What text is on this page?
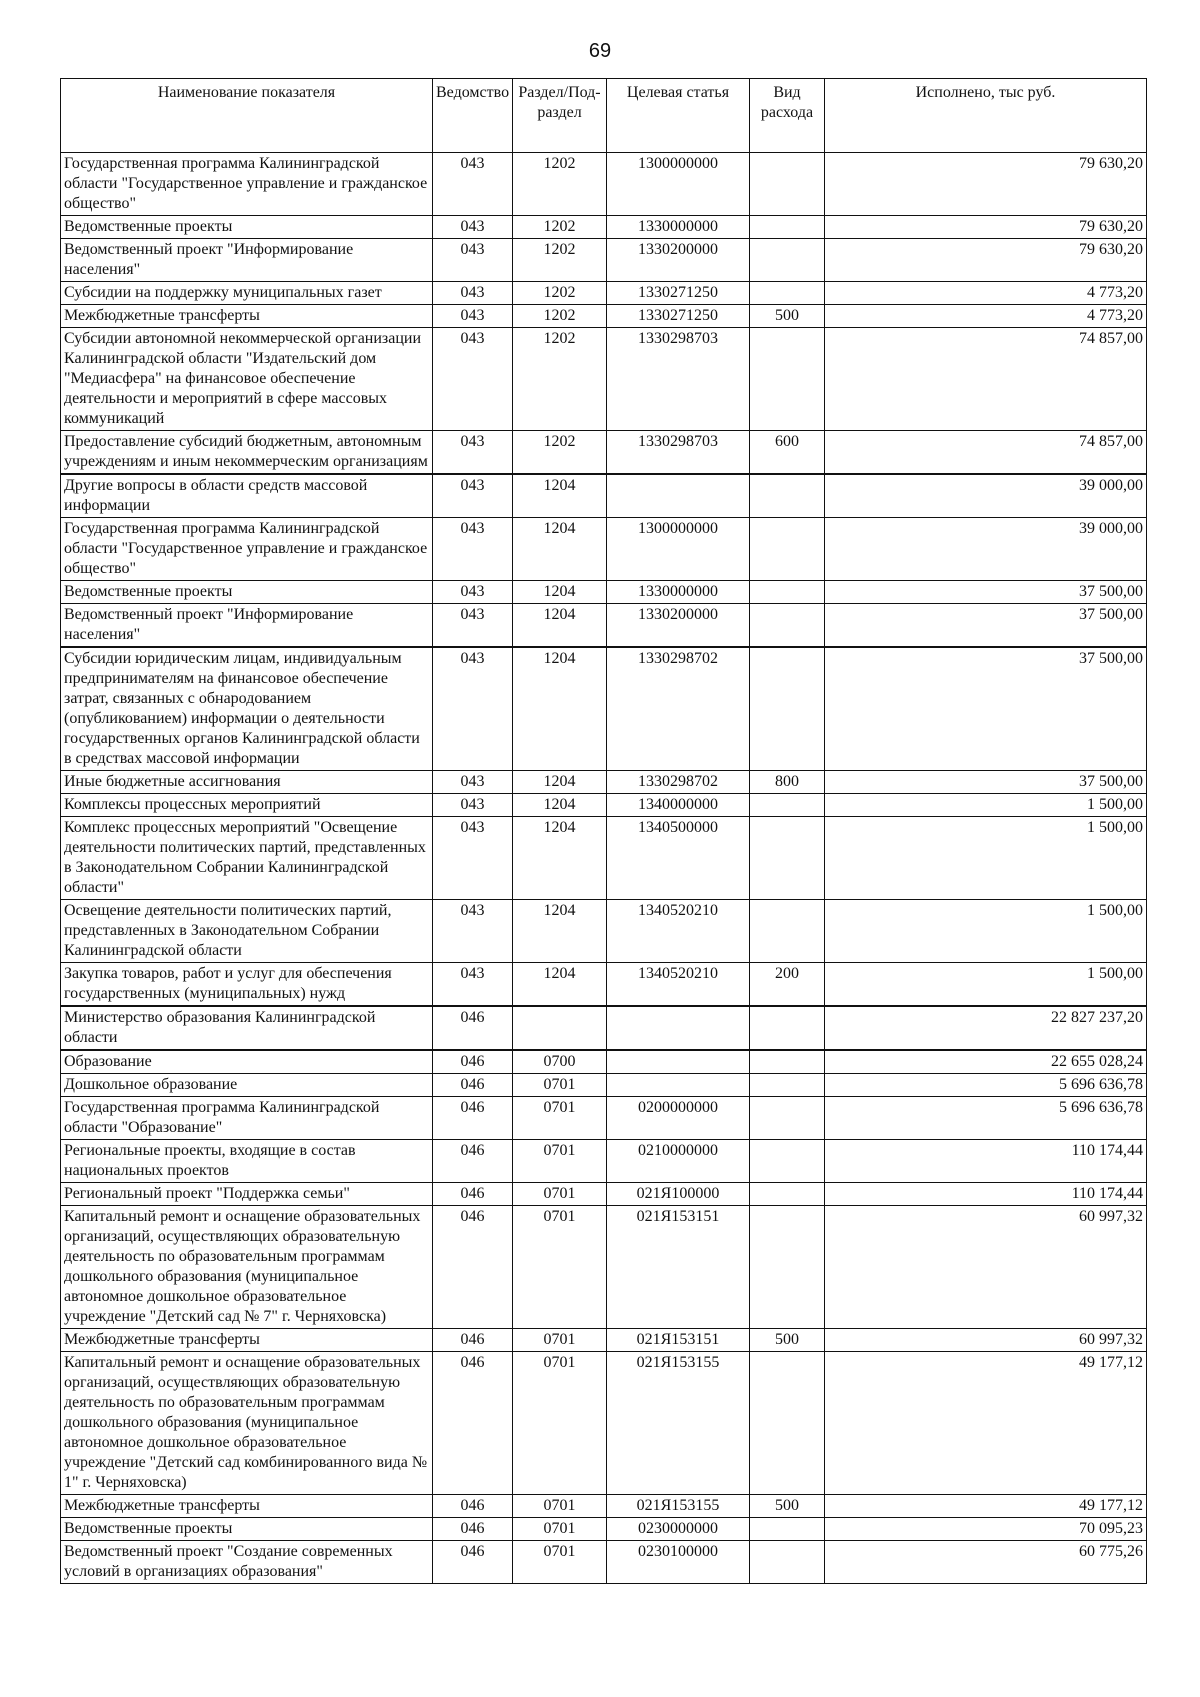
69
Наименование показателя	Ведомство	Раздел/Под-раздел	Целевая статья	Вид расхода	Исполнено, тыс руб.
Государственная программа Калининградской области "Государственное управление и гражданское общество"	043	1202	1300000000		79 630,20
Ведомственные проекты	043	1202	1330000000		79 630,20
Ведомственный проект "Информирование населения"	043	1202	1330200000		79 630,20
Субсидии на поддержку муниципальных газет	043	1202	1330271250		4 773,20
Межбюджетные трансферты	043	1202	1330271250	500	4 773,20
Субсидии автономной некоммерческой организации Калининградской области "Издательский дом "Медиасфера" на финансовое обеспечение деятельности и мероприятий в сфере массовых коммуникаций	043	1202	1330298703		74 857,00
Предоставление субсидий бюджетным, автономным учреждениям и иным некоммерческим организациям	043	1202	1330298703	600	74 857,00
Другие вопросы в области средств массовой информации	043	1204			39 000,00
Государственная программа Калининградской области "Государственное управление и гражданское общество"	043	1204	1300000000		39 000,00
Ведомственные проекты	043	1204	1330000000		37 500,00
Ведомственный проект "Информирование населения"	043	1204	1330200000		37 500,00
Субсидии юридическим лицам, индивидуальным предпринимателям на финансовое обеспечение затрат, связанных с обнародованием (опубликованием) информации о деятельности государственных органов Калининградской области в средствах массовой информации	043	1204	1330298702		37 500,00
Иные бюджетные ассигнования	043	1204	1330298702	800	37 500,00
Комплексы процессных мероприятий	043	1204	1340000000		1 500,00
Комплекс процессных мероприятий "Освещение деятельности политических партий, представленных в Законодательном Собрании Калининградской области"	043	1204	1340500000		1 500,00
Освещение деятельности политических партий, представленных в Законодательном Собрании Калининградской области	043	1204	1340520210		1 500,00
Закупка товаров, работ и услуг для обеспечения государственных (муниципальных) нужд	043	1204	1340520210	200	1 500,00
Министерство образования Калининградской области	046				22 827 237,20
Образование	046	0700			22 655 028,24
Дошкольное образование	046	0701			5 696 636,78
Государственная программа Калининградской области "Образование"	046	0701	0200000000		5 696 636,78
Региональные проекты, входящие в состав национальных проектов	046	0701	0210000000		110 174,44
Региональный проект "Поддержка семьи"	046	0701	021Я100000		110 174,44
Капитальный ремонт и оснащение образовательных организаций, осуществляющих образовательную деятельность по образовательным программам дошкольного образования (муниципальное автономное дошкольное образовательное учреждение "Детский сад № 7" г. Черняховска)	046	0701	021Я153151		60 997,32
Межбюджетные трансферты	046	0701	021Я153151	500	60 997,32
Капитальный ремонт и оснащение образовательных организаций, осуществляющих образовательную деятельность по образовательным программам дошкольного образования (муниципальное автономное дошкольное образовательное учреждение "Детский сад комбинированного вида № 1" г. Черняховска)	046	0701	021Я153155		49 177,12
Межбюджетные трансферты	046	0701	021Я153155	500	49 177,12
Ведомственные проекты	046	0701	0230000000		70 095,23
Ведомственный проект "Создание современных условий в организациях образования"	046	0701	0230100000		60 775,26
